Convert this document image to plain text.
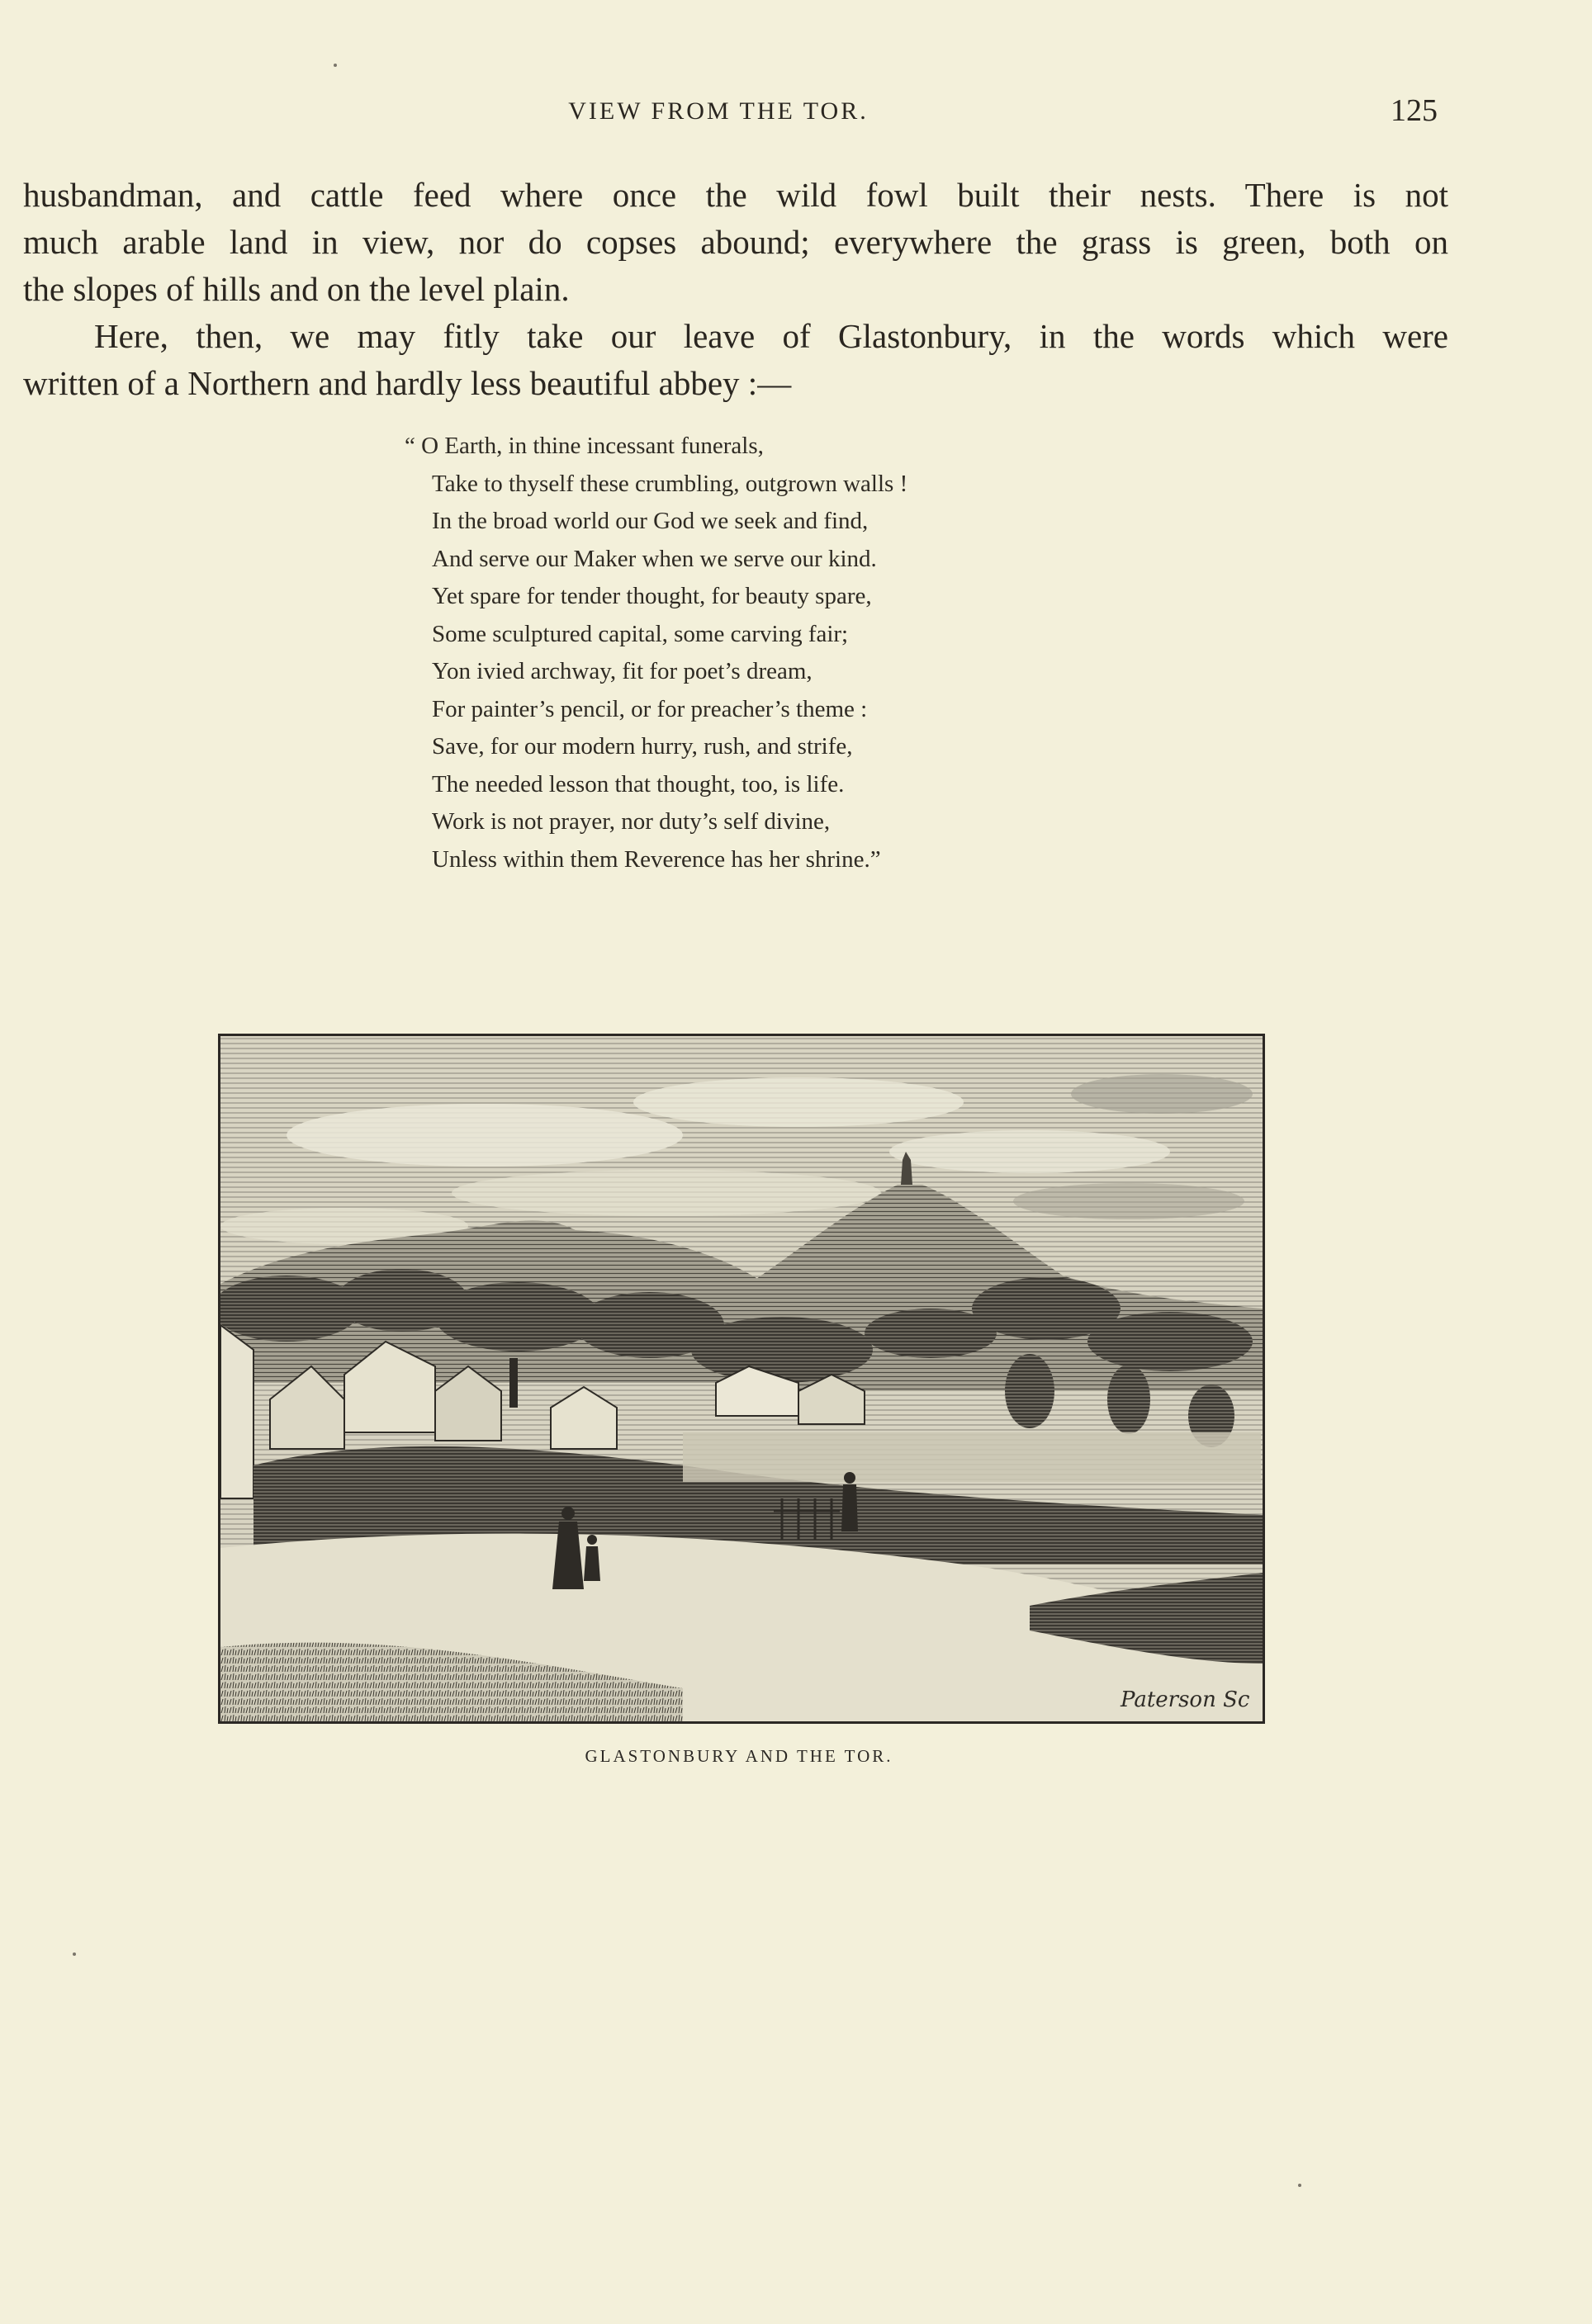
VIEW FROM THE TOR.	125

husbandman, and cattle feed where once the wild fowl built their nests. There is not

much arable land in view, nor do copses abound; everywhere the grass is green, both on

the slopes of hills and on the level plain.

Here, then, we may fitly take our leave of Glastonbury, in the words which were

written of a Northern and hardly less beautiful abbey :—

“ O Earth, in thine incessant funerals,
Take to thyself these crumbling, outgrown walls !
In the broad world our God we seek and find,
And serve our Maker when we serve our kind.
Yet spare for tender thought, for beauty spare,
Some sculptured capital, some carving fair;
Yon ivied archway, fit for poet’s dream,
For painter’s pencil, or for preacher’s theme :
Save, for our modern hurry, rush, and strife,
The needed lesson that thought, too, is life.
Work is not prayer, nor duty’s self divine,
Unless within them Reverence has her shrine.”
Paterson Sc
GLASTONBURY AND THE TOR.
